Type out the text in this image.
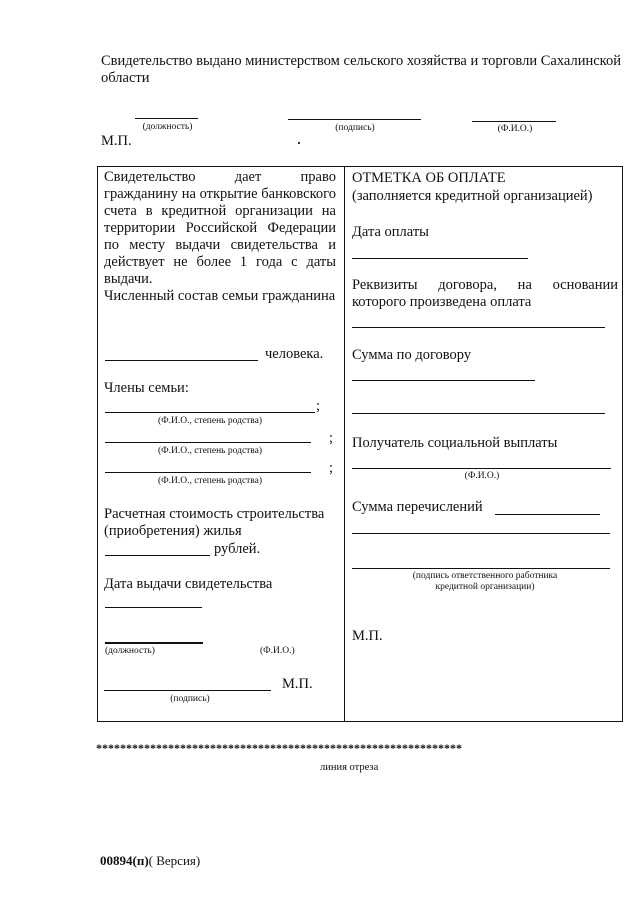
Свидетельство выдано министерством сельского хозяйства и торговли Сахалинской области
(должность)	(подпись)	(Ф.И.О.)
М.П.
Свидетельство дает право гражданину на открытие банковского счета в кредитной организации на территории Российской Федерации по месту выдачи свидетельства и действует не более 1 года с даты выдачи.
Численный состав семьи гражданина
человека.
Члены семьи:
;
(Ф.И.О., степень родства)
;
(Ф.И.О., степень родства)
;
(Ф.И.О., степень родства)
Расчетная стоимость строительства (приобретения) жилья
рублей.
Дата выдачи свидетельства
(должность)	(Ф.И.О.)
М.П.
(подпись)
ОТМЕТКА ОБ ОПЛАТЕ
(заполняется кредитной организацией)
Дата оплаты
Реквизиты договора, на основании которого произведена оплата
Сумма по договору
Получатель социальной выплаты
(Ф.И.О.)
Сумма перечислений
(подпись ответственного работника кредитной организации)
М.П.
*************************************************************
линия отреза
00894(п)( Версия)
